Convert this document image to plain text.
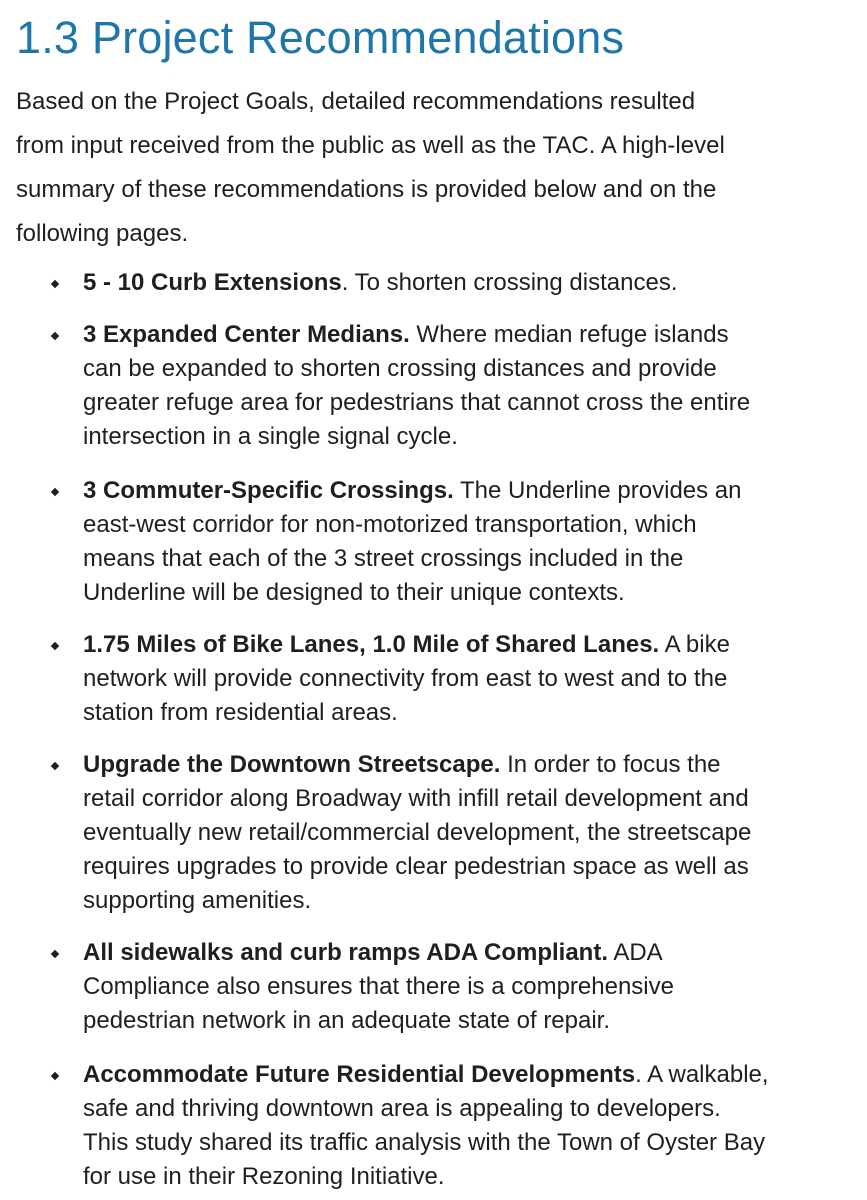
1.3 Project Recommendations

Based on the Project Goals, detailed recommendations resulted
from input received from the public as well as the TAC. A high-level
summary of these recommendations is provided below and on the
following pages.

5 - 10 Curb Extensions. To shorten crossing distances.
3 Expanded Center Medians. Where median refuge islands
can be expanded to shorten crossing distances and provide
greater refuge area for pedestrians that cannot cross the entire
intersection in a single signal cycle.
3 Commuter-Specific Crossings. The Underline provides an
east-west corridor for non-motorized transportation, which
means that each of the 3 street crossings included in the
Underline will be designed to their unique contexts.
1.75 Miles of Bike Lanes, 1.0 Mile of Shared Lanes. A bike
network will provide connectivity from east to west and to the
station from residential areas.
Upgrade the Downtown Streetscape. In order to focus the
retail corridor along Broadway with infill retail development and
eventually new retail/commercial development, the streetscape
requires upgrades to provide clear pedestrian space as well as
supporting amenities.
All sidewalks and curb ramps ADA Compliant. ADA
Compliance also ensures that there is a comprehensive
pedestrian network in an adequate state of repair.
Accommodate Future Residential Developments. A walkable,
safe and thriving downtown area is appealing to developers.
This study shared its traffic analysis with the Town of Oyster Bay
for use in their Rezoning Initiative.
